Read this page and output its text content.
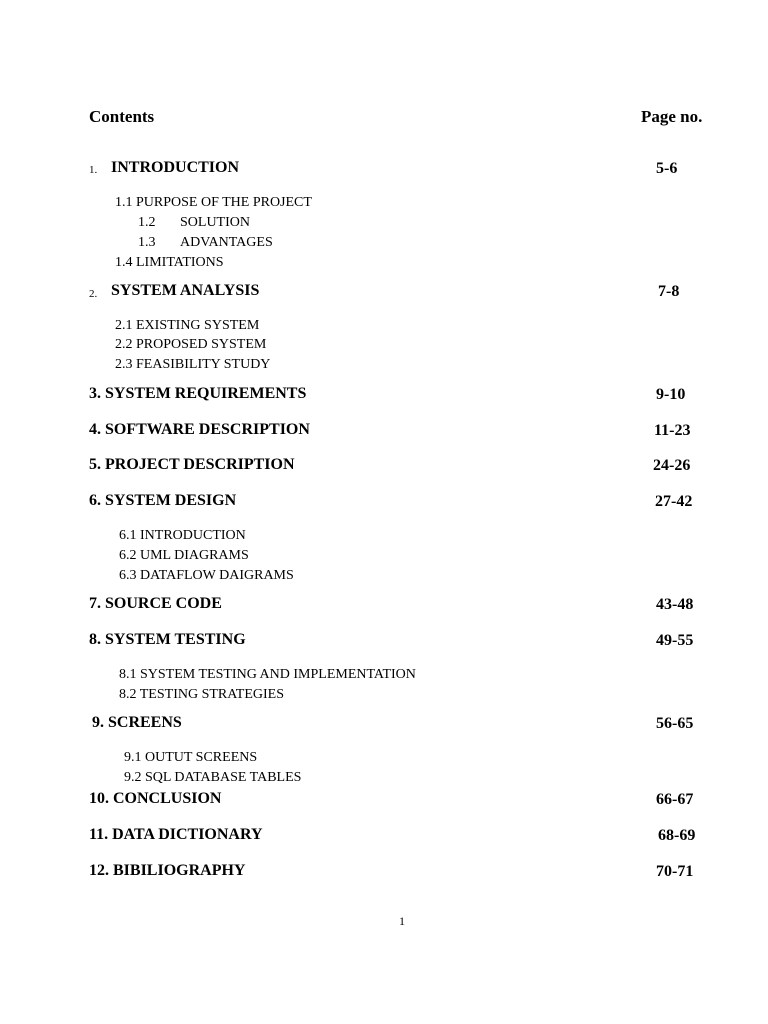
Contents	Page no.
1. INTRODUCTION	5-6
1.1 PURPOSE OF THE PROJECT
1.2 SOLUTION
1.3 ADVANTAGES
1.4 LIMITATIONS
2. SYSTEM ANALYSIS	7-8
2.1 EXISTING SYSTEM
2.2 PROPOSED SYSTEM
2.3 FEASIBILITY STUDY
3. SYSTEM REQUIREMENTS	9-10
4. SOFTWARE DESCRIPTION	11-23
5. PROJECT DESCRIPTION	24-26
6. SYSTEM DESIGN	27-42
6.1 INTRODUCTION
6.2 UML DIAGRAMS
6.3 DATAFLOW DAIGRAMS
7. SOURCE CODE	43-48
8. SYSTEM TESTING	49-55
8.1 SYSTEM TESTING AND IMPLEMENTATION
8.2 TESTING STRATEGIES
9. SCREENS	56-65
9.1 OUTUT SCREENS
9.2 SQL DATABASE TABLES
10. CONCLUSION	66-67
11. DATA DICTIONARY	68-69
12. BIBILIOGRAPHY	70-71
1
